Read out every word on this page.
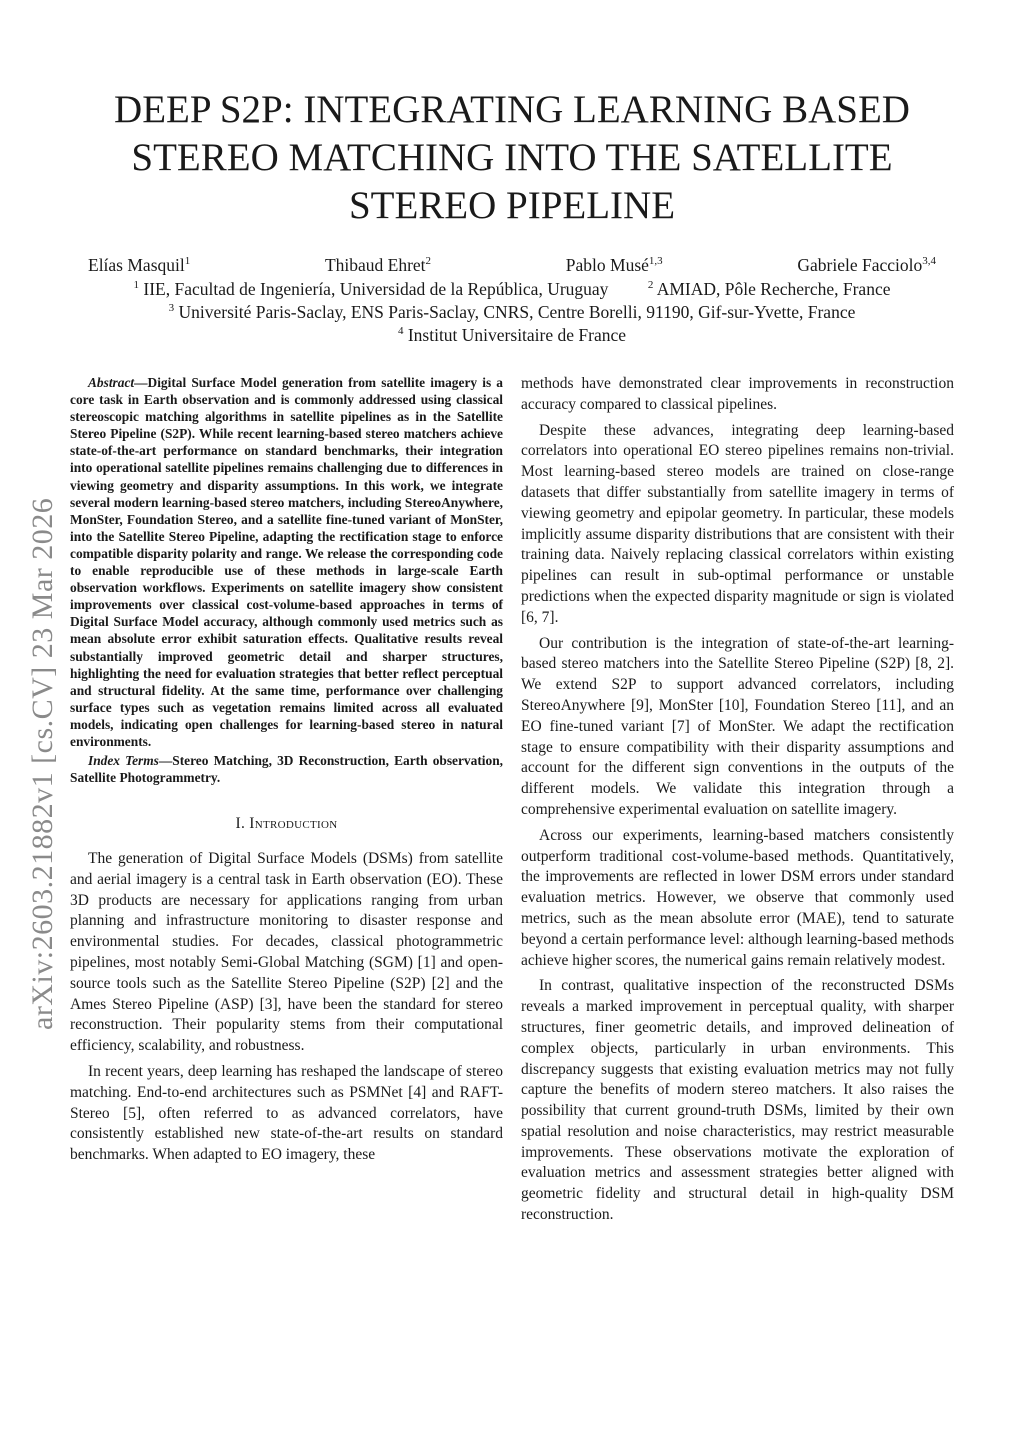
arXiv:2603.21882v1 [cs.CV] 23 Mar 2026
DEEP S2P: INTEGRATING LEARNING BASED
STEREO MATCHING INTO THE SATELLITE
STEREO PIPELINE
Elías Masquil$^1$	Thibaud Ehret$^2$	Pablo Musé$^{1,3}$	Gabriele Facciolo$^{3,4}$
$^1$ IIE, Facultad de Ingeniería, Universidad de la República, Uruguay	$^2$ AMIAD, Pôle Recherche, France
$^3$ Université Paris-Saclay, ENS Paris-Saclay, CNRS, Centre Borelli, 91190, Gif-sur-Yvette, France
$^4$ Institut Universitaire de France

Abstract—Digital Surface Model generation from satellite imagery is a core task in Earth observation and is commonly addressed using classical stereoscopic matching algorithms in satellite pipelines as in the Satellite Stereo Pipeline (S2P). While recent learning-based stereo matchers achieve state-of-the-art performance on standard benchmarks, their integration into operational satellite pipelines remains challenging due to differences in viewing geometry and disparity assumptions. In this work, we integrate several modern learning-based stereo matchers, including StereoAnywhere, MonSter, Foundation Stereo, and a satellite fine-tuned variant of MonSter, into the Satellite Stereo Pipeline, adapting the rectification stage to enforce compatible disparity polarity and range. We release the corresponding code to enable reproducible use of these methods in large-scale Earth observation workflows. Experiments on satellite imagery show consistent improvements over classical cost-volume-based approaches in terms of Digital Surface Model accuracy, although commonly used metrics such as mean absolute error exhibit saturation effects. Qualitative results reveal substantially improved geometric detail and sharper structures, highlighting the need for evaluation strategies that better reflect perceptual and structural fidelity. At the same time, performance over challenging surface types such as vegetation remains limited across all evaluated models, indicating open challenges for learning-based stereo in natural environments.

Index Terms—Stereo Matching, 3D Reconstruction, Earth observation, Satellite Photogrammetry.

I. Introduction

The generation of Digital Surface Models (DSMs) from satellite and aerial imagery is a central task in Earth observation (EO). These 3D products are necessary for applications ranging from urban planning and infrastructure monitoring to disaster response and environmental studies. For decades, classical photogrammetric pipelines, most notably Semi-Global Matching (SGM) [1] and open-source tools such as the Satellite Stereo Pipeline (S2P) [2] and the Ames Stereo Pipeline (ASP) [3], have been the standard for stereo reconstruction. Their popularity stems from their computational efficiency, scalability, and robustness.

In recent years, deep learning has reshaped the landscape of stereo matching. End-to-end architectures such as PSMNet [4] and RAFT-Stereo [5], often referred to as advanced correlators, have consistently established new state-of-the-art results on standard benchmarks. When adapted to EO imagery, these

methods have demonstrated clear improvements in reconstruction accuracy compared to classical pipelines.

Despite these advances, integrating deep learning-based correlators into operational EO stereo pipelines remains non-trivial. Most learning-based stereo models are trained on close-range datasets that differ substantially from satellite imagery in terms of viewing geometry and epipolar geometry. In particular, these models implicitly assume disparity distributions that are consistent with their training data. Naively replacing classical correlators within existing pipelines can result in sub-optimal performance or unstable predictions when the expected disparity magnitude or sign is violated [6, 7].

Our contribution is the integration of state-of-the-art learning-based stereo matchers into the Satellite Stereo Pipeline (S2P) [8, 2]. We extend S2P to support advanced correlators, including StereoAnywhere [9], MonSter [10], Foundation Stereo [11], and an EO fine-tuned variant [7] of MonSter. We adapt the rectification stage to ensure compatibility with their disparity assumptions and account for the different sign conventions in the outputs of the different models. We validate this integration through a comprehensive experimental evaluation on satellite imagery.

Across our experiments, learning-based matchers consistently outperform traditional cost-volume-based methods. Quantitatively, the improvements are reflected in lower DSM errors under standard evaluation metrics. However, we observe that commonly used metrics, such as the mean absolute error (MAE), tend to saturate beyond a certain performance level: although learning-based methods achieve higher scores, the numerical gains remain relatively modest.

In contrast, qualitative inspection of the reconstructed DSMs reveals a marked improvement in perceptual quality, with sharper structures, finer geometric details, and improved delineation of complex objects, particularly in urban environments. This discrepancy suggests that existing evaluation metrics may not fully capture the benefits of modern stereo matchers. It also raises the possibility that current ground-truth DSMs, limited by their own spatial resolution and noise characteristics, may restrict measurable improvements. These observations motivate the exploration of evaluation metrics and assessment strategies better aligned with geometric fidelity and structural detail in high-quality DSM reconstruction.
